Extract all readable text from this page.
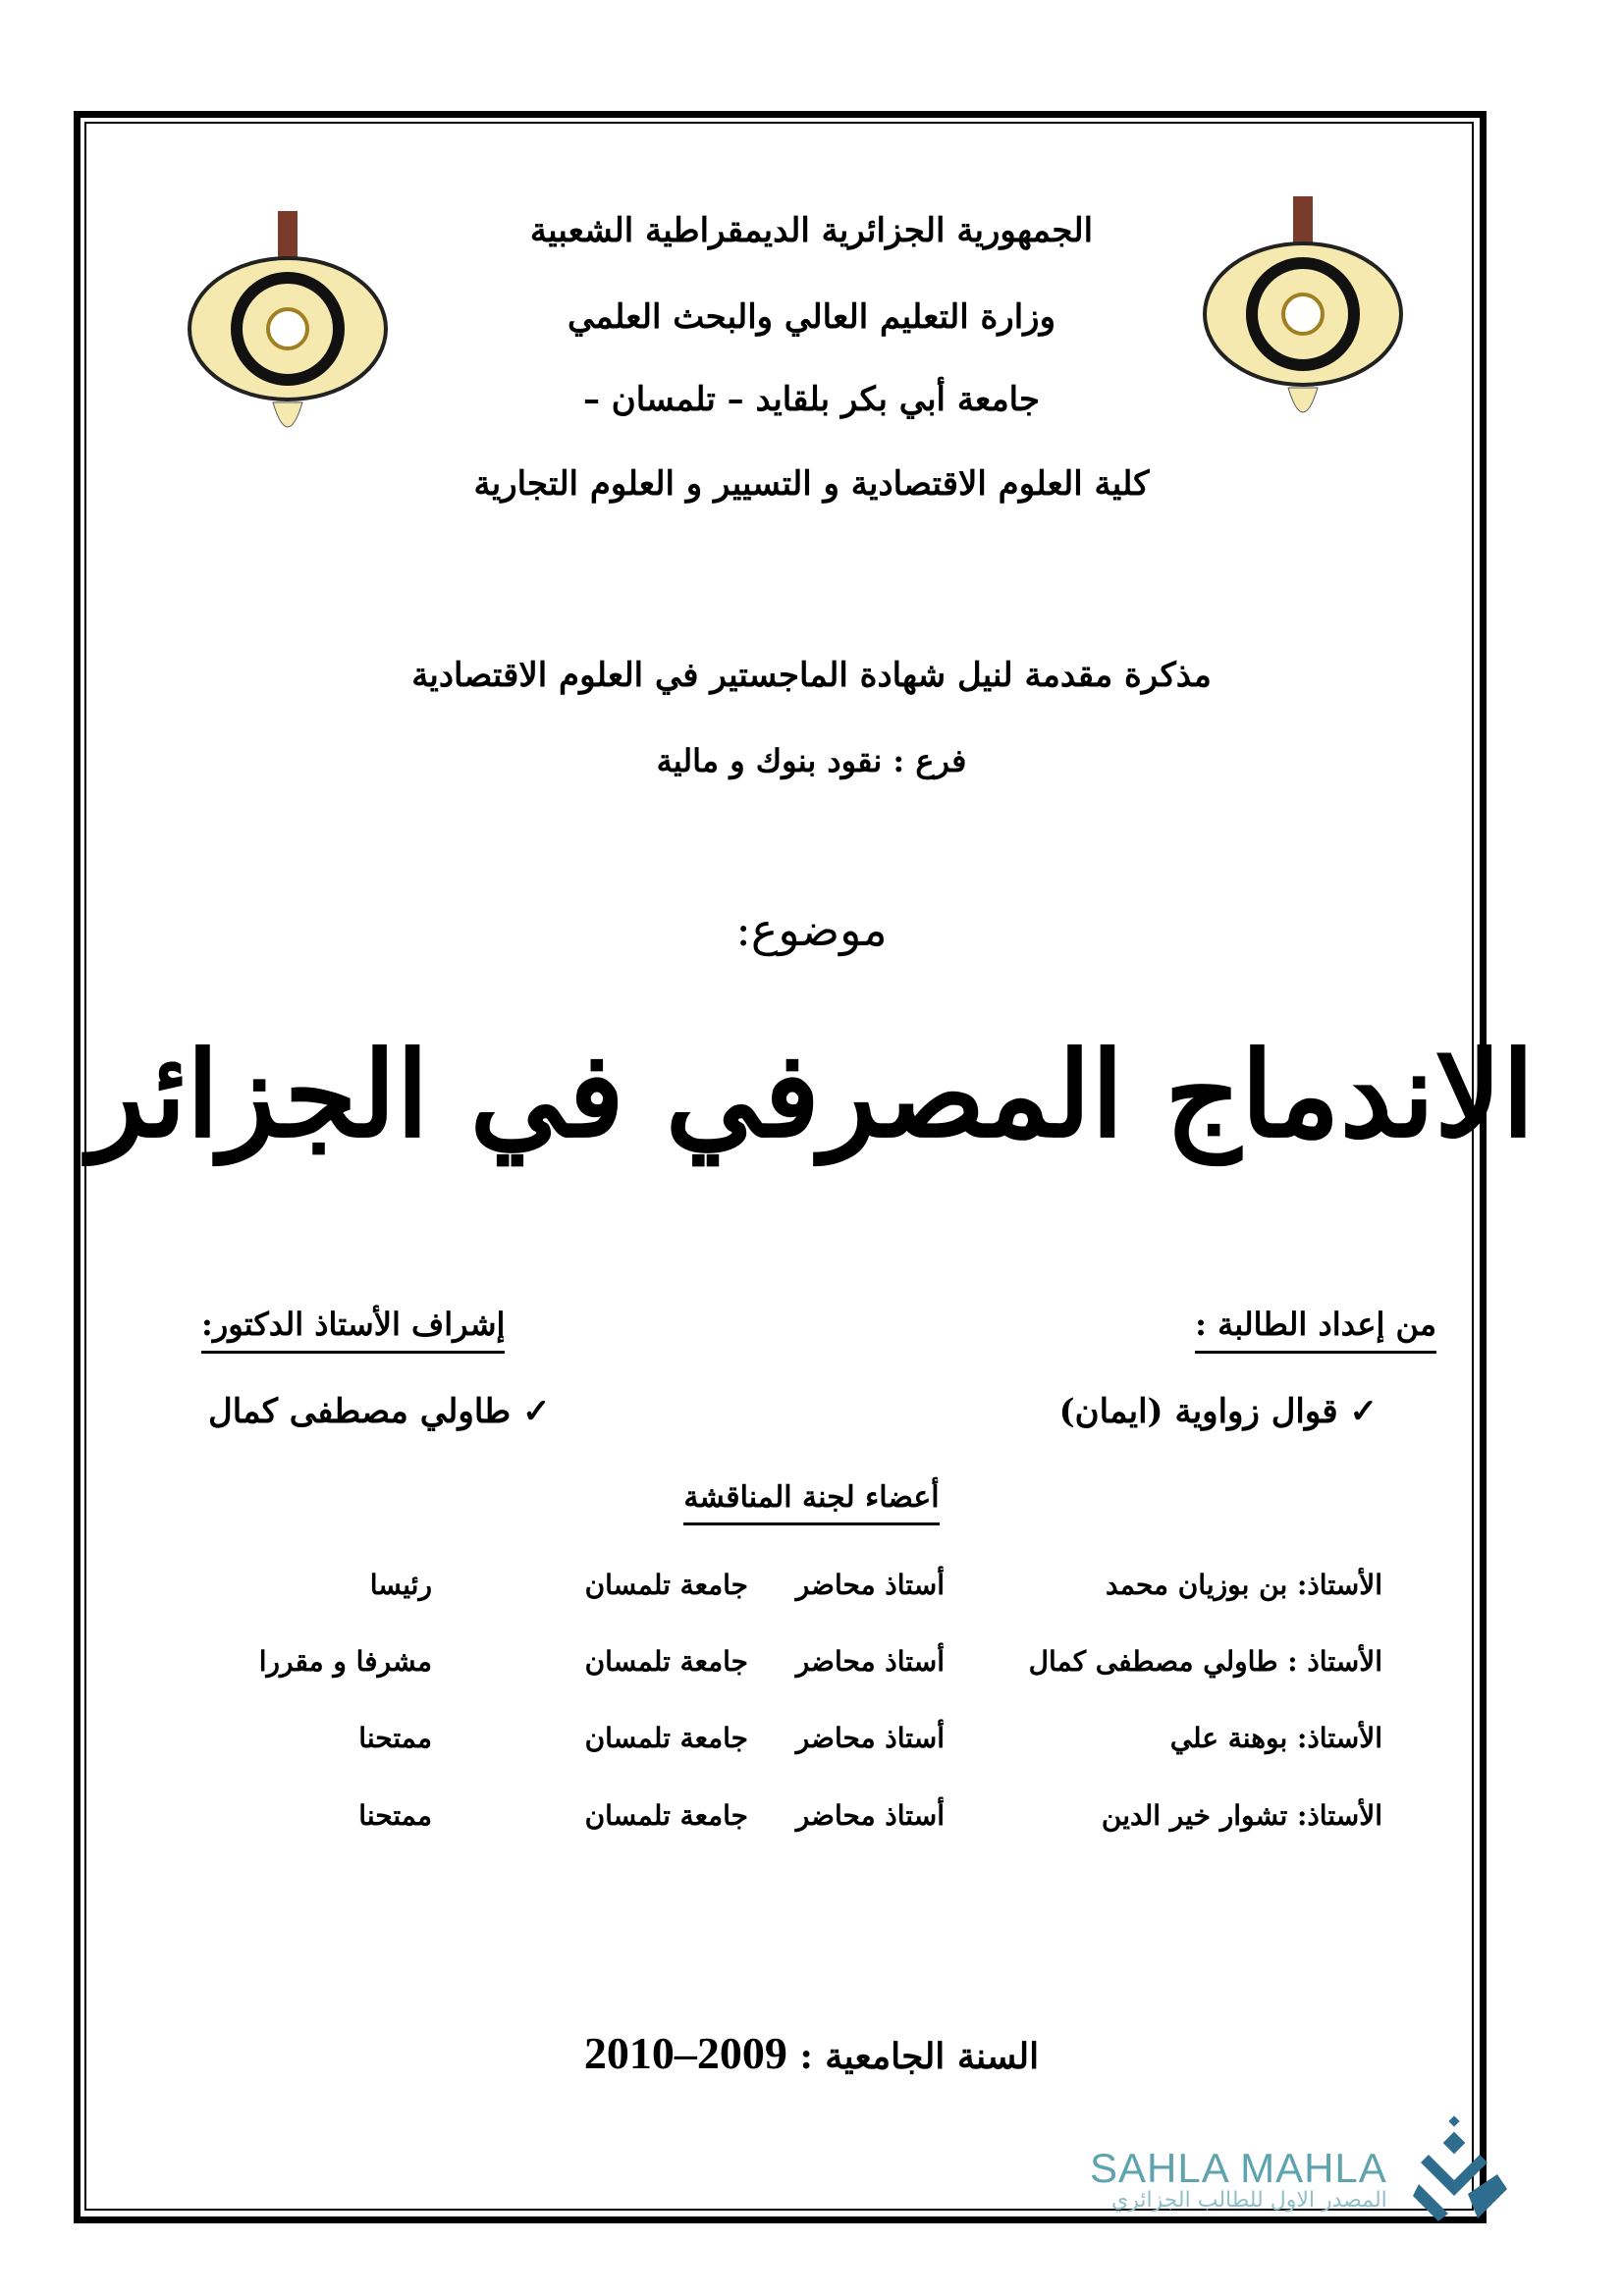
الجمهورية الجزائرية الديمقراطية الشعبية
وزارة التعليم العالي والبحث العلمي
جامعة أبي بكر بلقايد – تلمسان –
كلية العلوم الاقتصادية و التسيير و العلوم التجارية
مذكرة مقدمة لنيل شهادة الماجستير في العلوم الاقتصادية
فرع : نقود بنوك و مالية
موضوع:
الاندماج المصرفي في الجزائر
من إعداد الطالبة :
إشراف الأستاذ الدكتور:
✓ قوال زواوية (ايمان)
✓ طاولي مصطفى كمال
أعضاء لجنة المناقشة
الأستاذ: بن بوزيان محمد
أستاذ محاضر
جامعة تلمسان
رئيسا
الأستاذ : طاولي مصطفى كمال
أستاذ محاضر
جامعة تلمسان
مشرفا و مقررا
الأستاذ: بوهنة علي
أستاذ محاضر
جامعة تلمسان
ممتحنا
الأستاذ: تشوار خير الدين
أستاذ محاضر
جامعة تلمسان
ممتحنا
السنة الجامعية : 2009–2010
SAHLA MAHLA
المصدر الاول للطالب الجزائري
